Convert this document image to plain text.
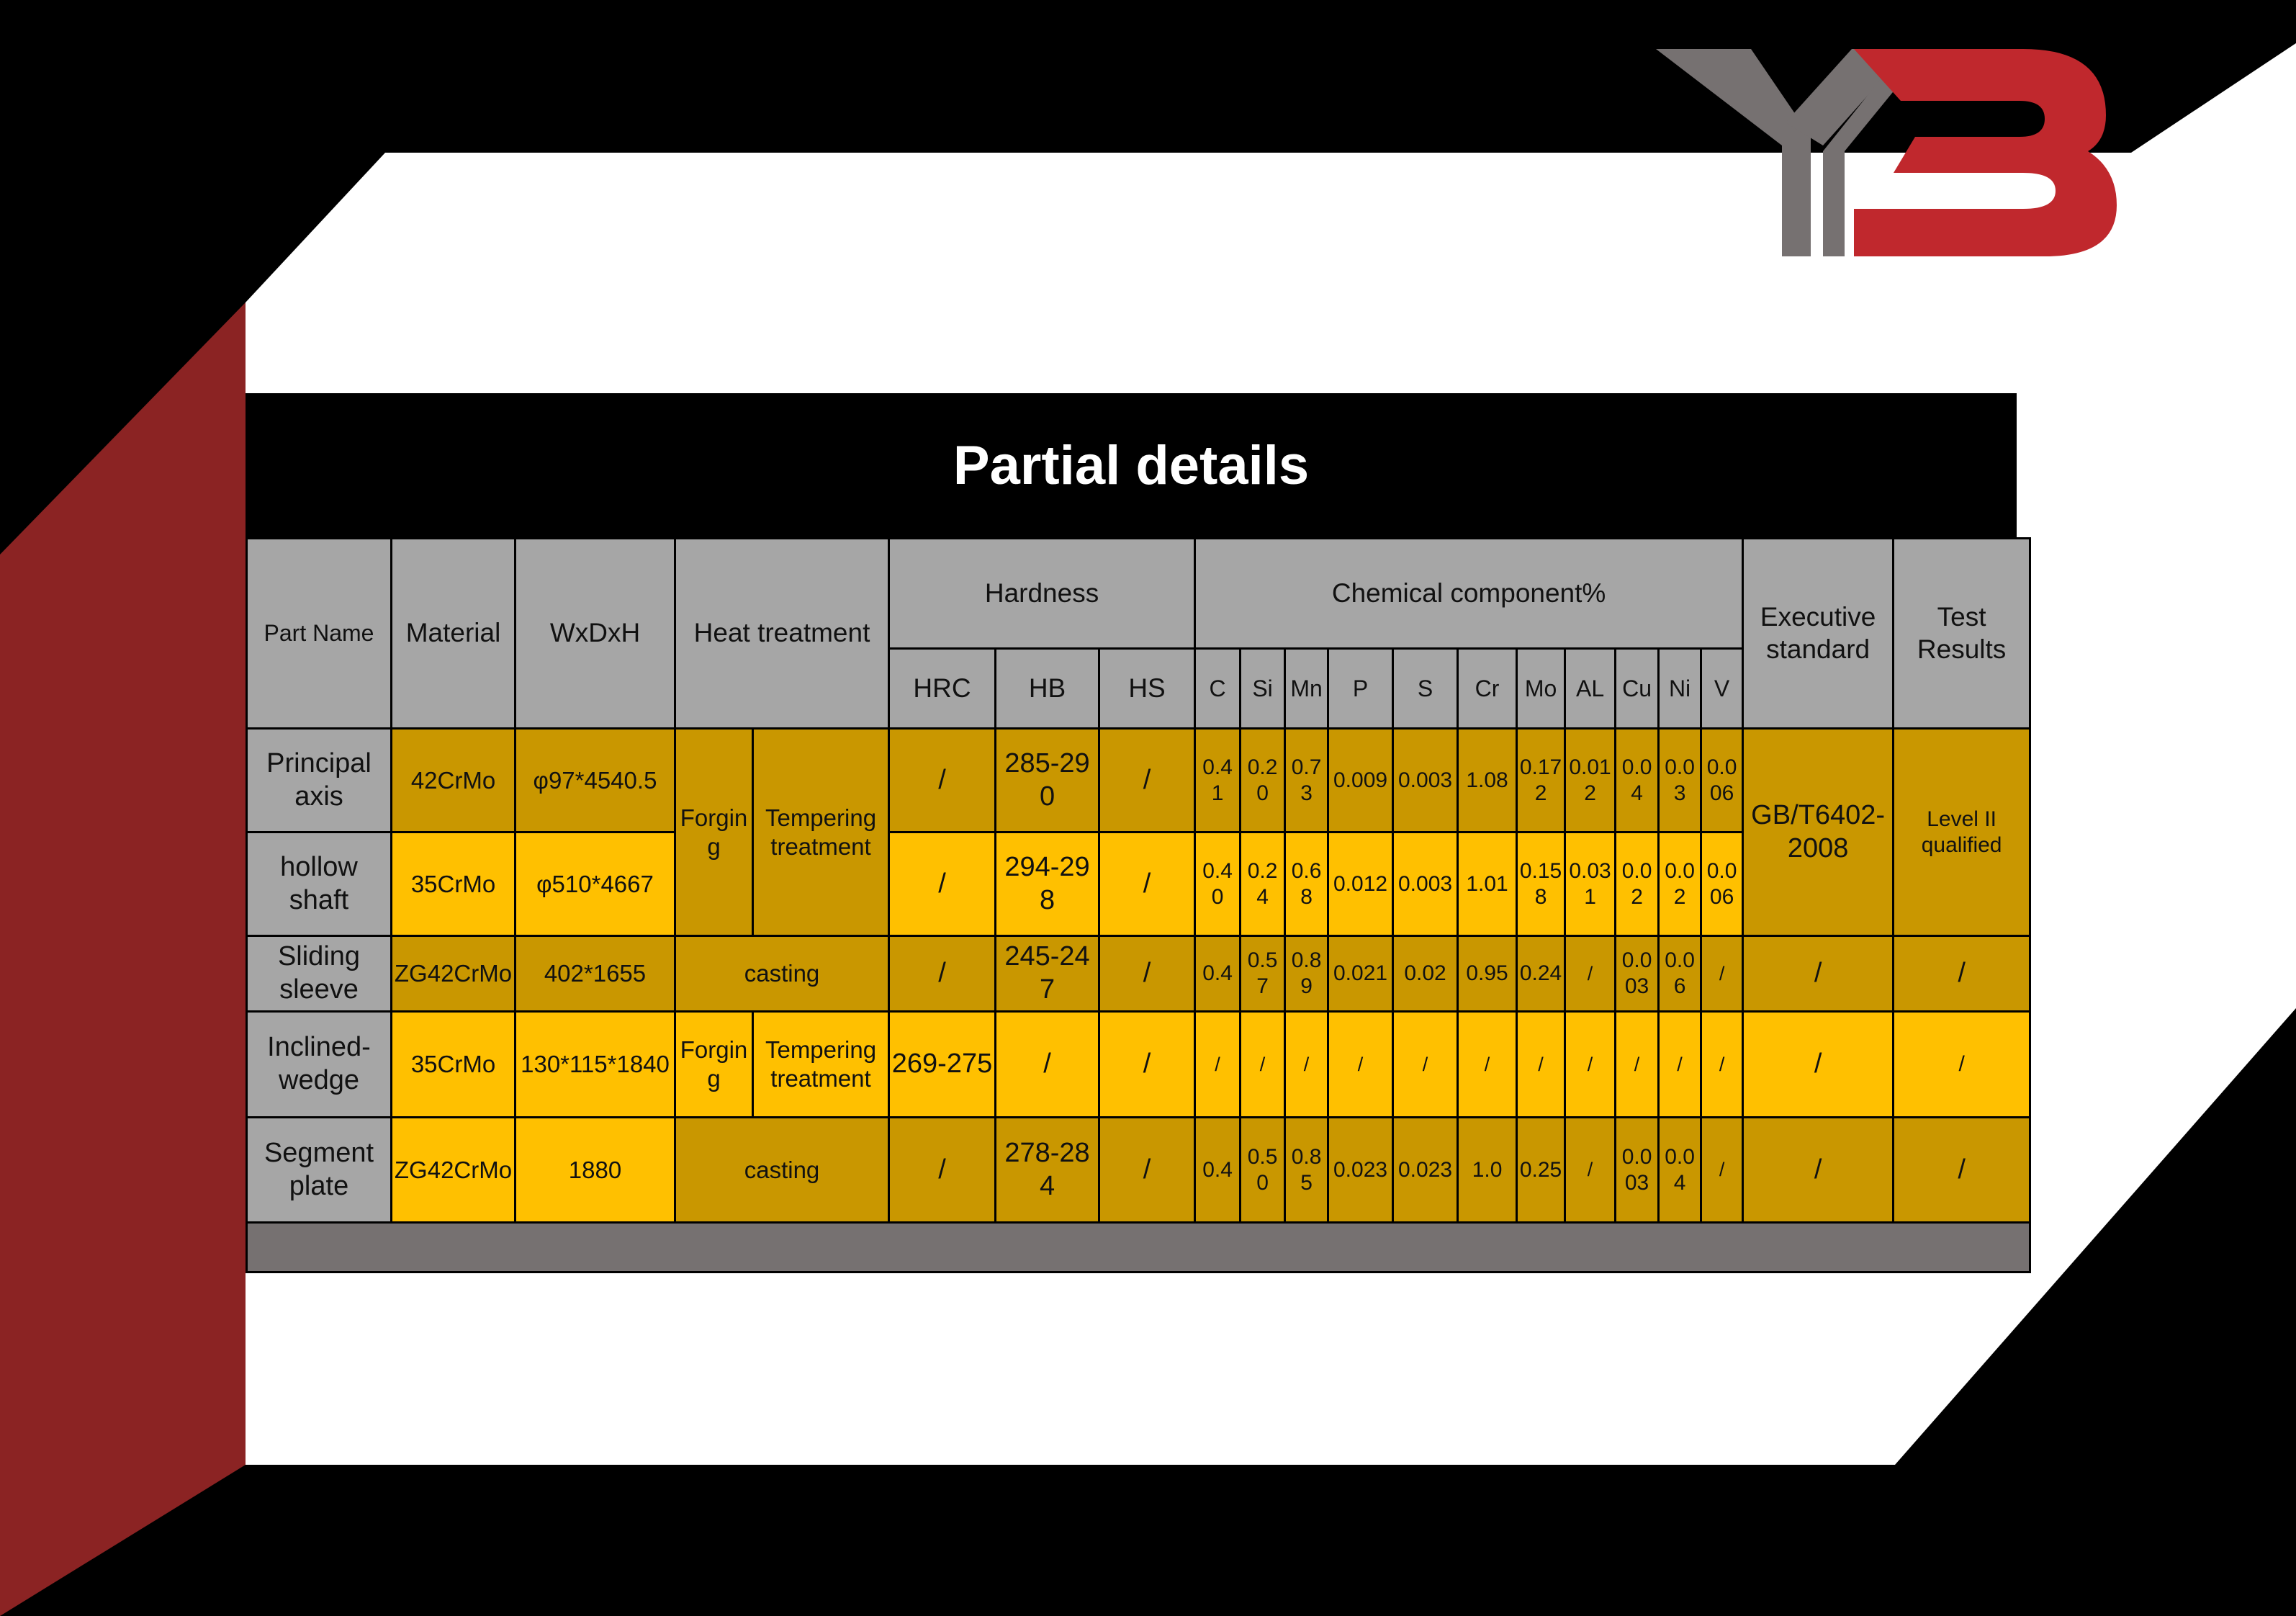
Partial details
Part Name	Material	WxDxH	Heat treatment		Hardness			Chemical component%											Executive standard	Test Results
					HRC	HB	HS	C	Si	Mn	P	S	Cr	Mo	AL	Cu	Ni	V		
Principal axis	42CrMo	φ97*4540.5	Forging	Tempering treatment	/	285-290	/	0.41	0.20	0.73	0.009	0.003	1.08	0.172	0.012	0.04	0.03	0.006	GB/T6402-2008	Level II qualified
hollow shaft	35CrMo	φ510*4667			/	294-298	/	0.40	0.24	0.68	0.012	0.003	1.01	0.158	0.031	0.02	0.02	0.006		
Sliding sleeve	ZG42CrMo	402*1655	casting		/	245-247	/	0.4	0.57	0.89	0.021	0.02	0.95	0.24	/	0.003	0.06	/	/	/
Inclined-wedge	35CrMo	130*115*1840	Forging	Tempering treatment	269-275	/	/	/	/	/	/	/	/	/	/	/	/	/	/	/
Segment plate	ZG42CrMo	1880	casting		/	278-284	/	0.4	0.50	0.85	0.023	0.023	1.0	0.25	/	0.003	0.04	/	/	/
